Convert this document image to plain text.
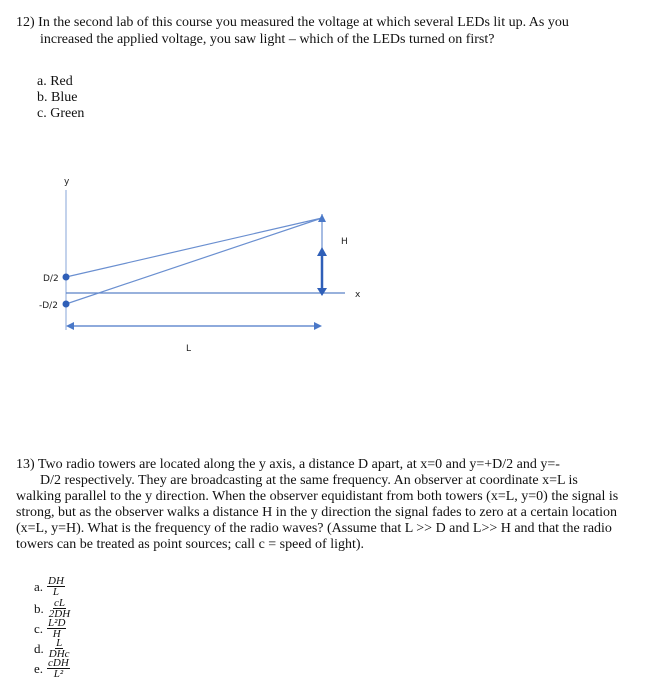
12) In the second lab of this course you measured the voltage at which several LEDs lit up. As you
increased the applied voltage, you saw light – which of the LEDs turned on first?
a. Red
b. Blue
c. Green
y
x
D/2
-D/2
L
H
13) Two radio towers are located along the y axis, a distance D apart, at x=0 and y=+D/2 and y=-
D/2 respectively. They are broadcasting at the same frequency. An observer at coordinate x=L is
walking parallel to the y direction. When the observer equidistant from both towers (x=L, y=0) the signal is
strong, but as the observer walks a distance H in the y direction the signal fades to zero at a certain location
(x=L, y=H). What is the frequency of the radio waves? (Assume that L >> D and L>> H and that the radio
towers can be treated as point sources; call c = speed of light).
a. $\frac{DH}{L}$
b. $\frac{cL}{2DH}$
c. $\frac{\text{L²D}}{H}$
d. $\frac{L}{\text{DHc}}$
e. $\frac{\text{cDH}}{\text{L²}}$
